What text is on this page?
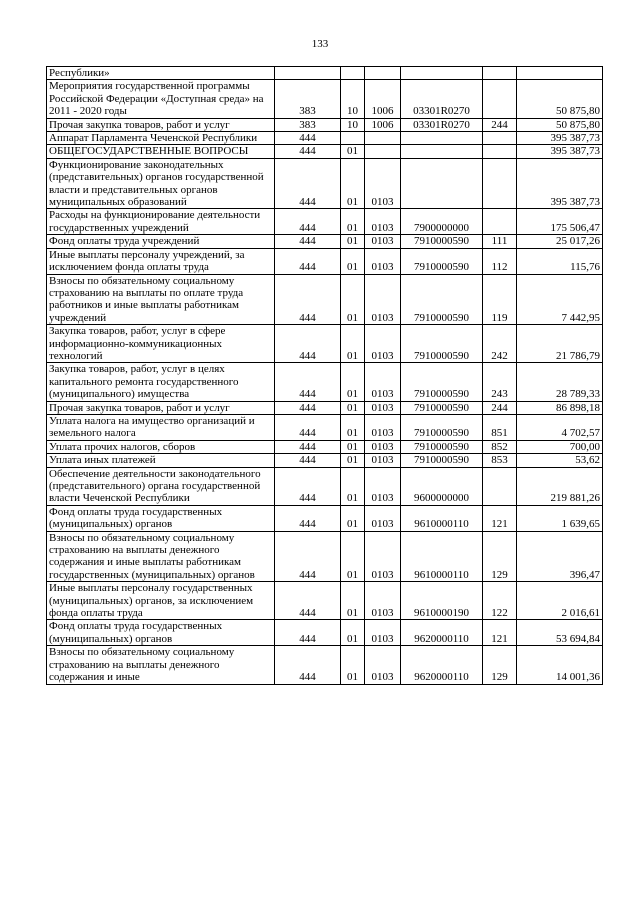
133
Республики»						
Мероприятия государственной программы Российской Федерации «Доступная среда» на 2011 - 2020 годы	383	10	1006	03301R0270		50 875,80
Прочая закупка товаров, работ и услуг	383	10	1006	03301R0270	244	50 875,80
Аппарат Парламента Чеченской Республики	444					395 387,73
ОБЩЕГОСУДАРСТВЕННЫЕ ВОПРОСЫ	444	01				395 387,73
Функционирование законодательных (представительных) органов государственной власти и представительных органов муниципальных образований	444	01	0103			395 387,73
Расходы на функционирование деятельности государственных учреждений	444	01	0103	7900000000		175 506,47
Фонд оплаты труда учреждений	444	01	0103	7910000590	111	25 017,26
Иные выплаты персоналу учреждений, за исключением фонда оплаты труда	444	01	0103	7910000590	112	115,76
Взносы по обязательному социальному страхованию на выплаты по оплате труда работников и иные выплаты работникам учреждений	444	01	0103	7910000590	119	7 442,95
Закупка товаров, работ, услуг в сфере информационно-коммуникационных технологий	444	01	0103	7910000590	242	21 786,79
Закупка товаров, работ, услуг в целях капитального ремонта государственного (муниципального) имущества	444	01	0103	7910000590	243	28 789,33
Прочая закупка товаров, работ и услуг	444	01	0103	7910000590	244	86 898,18
Уплата налога на имущество организаций и земельного налога	444	01	0103	7910000590	851	4 702,57
Уплата прочих налогов, сборов	444	01	0103	7910000590	852	700,00
Уплата иных платежей	444	01	0103	7910000590	853	53,62
Обеспечение деятельности законодательного (представительного) органа государственной власти Чеченской Республики	444	01	0103	9600000000		219 881,26
Фонд оплаты труда государственных (муниципальных) органов	444	01	0103	9610000110	121	1 639,65
Взносы по обязательному социальному страхованию на выплаты денежного содержания и иные выплаты работникам государственных (муниципальных) органов	444	01	0103	9610000110	129	396,47
Иные выплаты персоналу государственных (муниципальных) органов, за исключением фонда оплаты труда	444	01	0103	9610000190	122	2 016,61
Фонд оплаты труда государственных (муниципальных) органов	444	01	0103	9620000110	121	53 694,84
Взносы по обязательному социальному страхованию на выплаты денежного содержания и иные	444	01	0103	9620000110	129	14 001,36
